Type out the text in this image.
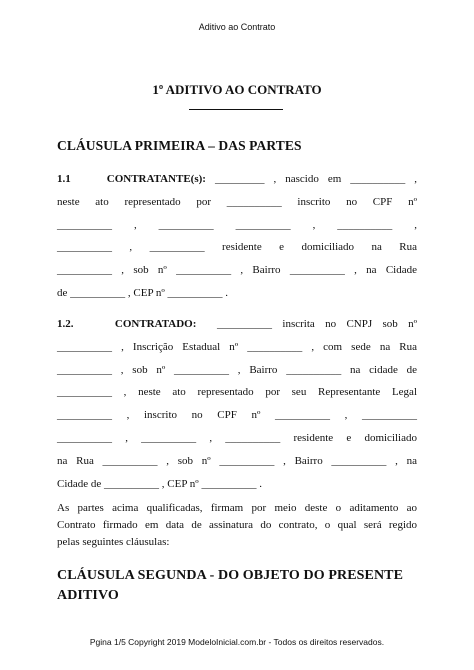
Aditivo ao Contrato
1º ADITIVO AO CONTRATO
CLÁUSULA PRIMEIRA – DAS PARTES
1.1	CONTRATANTE(s): _________ , nascido em __________ ,
neste ato representado por __________ inscrito no CPF nº
__________ , __________ __________ , __________ ,
__________ , __________ residente e domiciliado na Rua
__________ , sob nº __________ , Bairro __________ , na Cidade
de __________ , CEP nº __________ .
1.2.	CONTRATADO: __________ inscrita no CNPJ sob nº
__________ , Inscrição Estadual nº __________ , com sede na Rua
__________ , sob nº __________ , Bairro __________ na cidade de
__________ , neste ato representado por seu Representante Legal
__________ , inscrito no CPF nº __________ , __________
__________ , __________ , __________ residente e domiciliado
na Rua __________ , sob nº __________ , Bairro __________ , na
Cidade de __________ , CEP nº __________ .
As partes acima qualificadas, firmam por meio deste o aditamento ao
Contrato firmado em data de assinatura do contrato, o qual será regido
pelas seguintes cláusulas:
CLÁUSULA SEGUNDA - DO OBJETO DO PRESENTE
ADITIVO
Pgina 1/5 Copyright 2019 ModeloInicial.com.br - Todos os direitos reservados.
